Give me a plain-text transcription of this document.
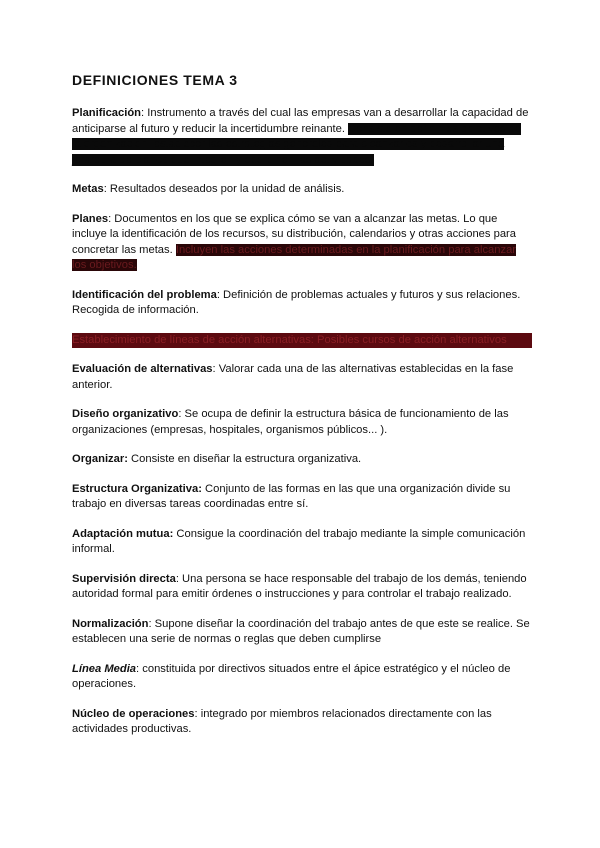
DEFINICIONES TEMA 3

Planificación: Instrumento a través del cual las empresas van a desarrollar la capacidad de anticiparse al futuro y reducir la incertidumbre reinante. Consiste en definir los objetivos de la organización, establecer las estrategias generales para alcanzarlos y desarrollar una jerarquía de planes que integren y coordinen las actividades.

Metas: Resultados deseados por la unidad de análisis.

Planes: Documentos en los que se explica cómo se van a alcanzar las metas. Lo que incluye la identificación de los recursos, su distribución, calendarios y otras acciones para concretar las metas. Incluyen las acciones determinadas en la planificación para alcanzar los objetivos.

Identificación del problema: Definición de problemas actuales y futuros y sus relaciones. Recogida de información.

Establecimiento de líneas de acción alternativas: Posibles cursos de acción alternativos

Evaluación de alternativas: Valorar cada una de las alternativas establecidas en la fase anterior.

Diseño organizativo: Se ocupa de definir la estructura básica de funcionamiento de las organizaciones (empresas, hospitales, organismos públicos... ).

Organizar: Consiste en diseñar la estructura organizativa.

Estructura Organizativa: Conjunto de las formas en las que una organización divide su trabajo en diversas tareas coordinadas entre sí.

Adaptación mutua: Consigue la coordinación del trabajo mediante la simple comunicación informal.

Supervisión directa: Una persona se hace responsable del trabajo de los demás, teniendo autoridad formal para emitir órdenes o instrucciones y para controlar el trabajo realizado.

Normalización: Supone diseñar la coordinación del trabajo antes de que este se realice. Se establecen una serie de normas o reglas que deben cumplirse

Línea Media: constituida por directivos situados entre el ápice estratégico y el núcleo de operaciones.

Núcleo de operaciones: integrado por miembros relacionados directamente con las actividades productivas.
